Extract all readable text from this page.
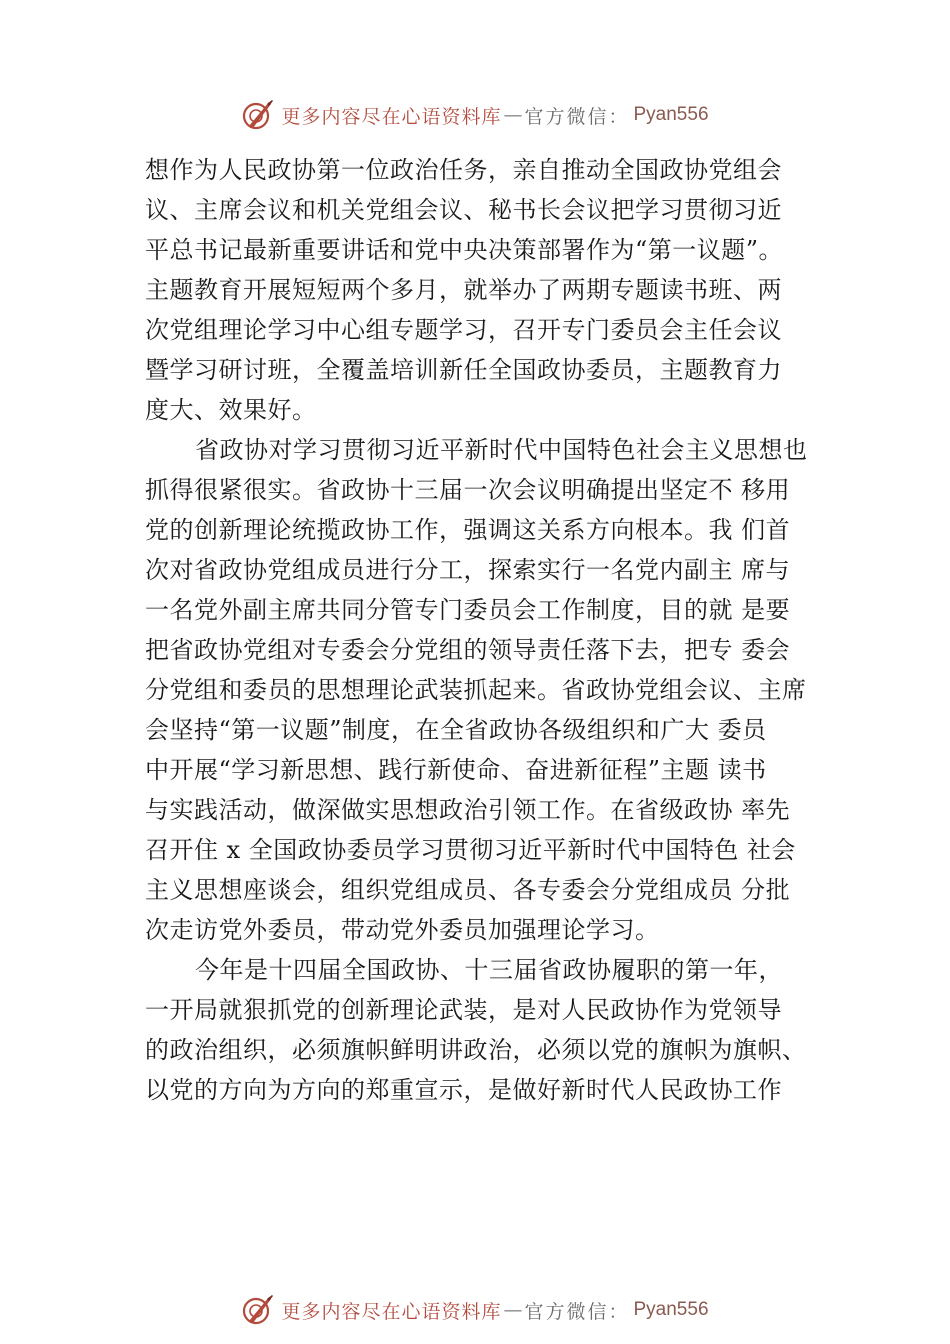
更多内容尽在心语资料库 — 官方微信： Pyan556
想作为人民政协第一位政治任务，亲自推动全国政协党组会
议、主席会议和机关党组会议、秘书长会议把学习贯彻习近
平总书记最新重要讲话和党中央决策部署作为“第一议题”。
主题教育开展短短两个多月，就举办了两期专题读书班、两
次党组理论学习中心组专题学习，召开专门委员会主任会议
暨学习研讨班，全覆盖培训新任全国政协委员，主题教育力
度大、效果好。
省政协对学习贯彻习近平新时代中国特色社会主义思想也
抓得很紧很实。省政协十三届一次会议明确提出坚定不 移用
党的创新理论统揽政协工作，强调这关系方向根本。我 们首
次对省政协党组成员进行分工，探索实行一名党内副主 席与
一名党外副主席共同分管专门委员会工作制度，目的就 是要
把省政协党组对专委会分党组的领导责任落下去，把专 委会
分党组和委员的思想理论武装抓起来。省政协党组会议、主席
会坚持“第一议题”制度，在全省政协各级组织和广大 委员
中开展“学习新思想、践行新使命、奋进新征程”主题 读书
与实践活动，做深做实思想政治引领工作。在省级政协 率先
召开住 x 全国政协委员学习贯彻习近平新时代中国特色 社会
主义思想座谈会，组织党组成员、各专委会分党组成员 分批
次走访党外委员，带动党外委员加强理论学习。
今年是十四届全国政协、十三届省政协履职的第一年，
一开局就狠抓党的创新理论武装，是对人民政协作为党领导
的政治组织，必须旗帜鲜明讲政治，必须以党的旗帜为旗帜、
以党的方向为方向的郑重宣示，是做好新时代人民政协工作
更多内容尽在心语资料库 — 官方微信： Pyan556
